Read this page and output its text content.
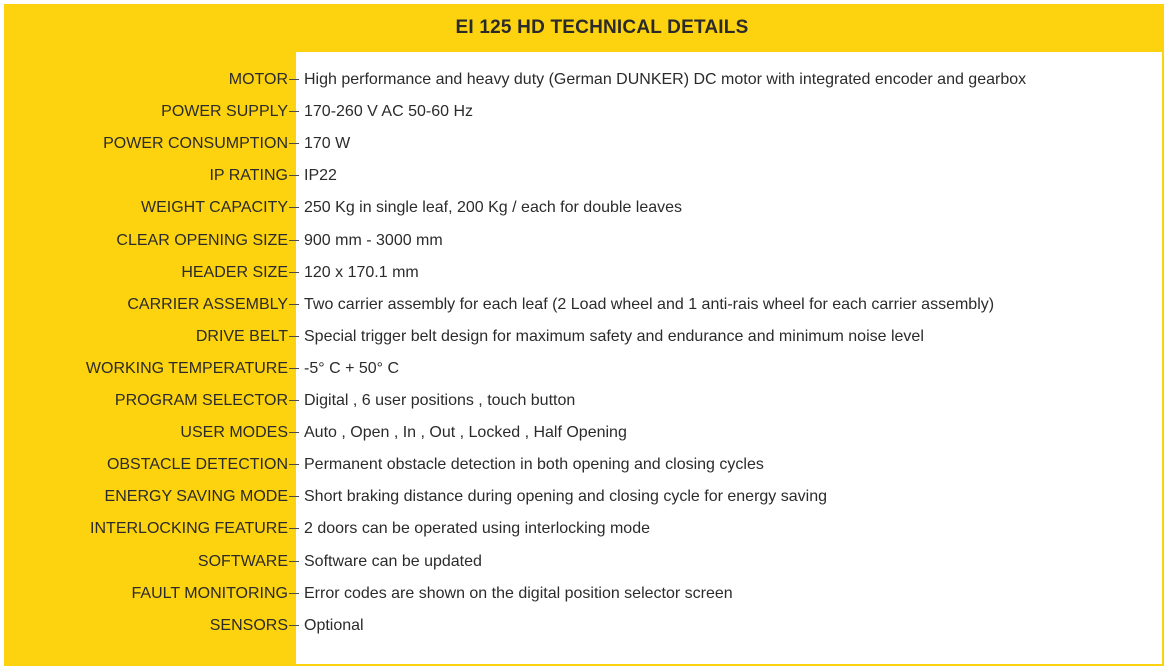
EI 125 HD TECHNICAL DETAILS
MOTOR High performance and heavy duty (German DUNKER) DC motor with integrated encoder and gearbox
POWER SUPPLY 170-260 V AC 50-60 Hz
POWER CONSUMPTION 170 W
IP RATING IP22
WEIGHT CAPACITY 250 Kg in single leaf, 200 Kg / each for double leaves
CLEAR OPENING SIZE 900 mm - 3000 mm
HEADER SIZE 120 x 170.1 mm
CARRIER ASSEMBLY Two carrier assembly for each leaf (2 Load wheel and 1 anti-rais wheel for each carrier assembly)
DRIVE BELT Special trigger belt design for maximum safety and endurance and minimum noise level
WORKING TEMPERATURE -5° C + 50° C
PROGRAM SELECTOR Digital , 6 user positions , touch button
USER MODES Auto , Open , In , Out , Locked , Half Opening
OBSTACLE DETECTION Permanent obstacle detection in both opening and closing cycles
ENERGY SAVING MODE Short braking distance during opening and closing cycle for energy saving
INTERLOCKING FEATURE 2 doors can be operated using interlocking mode
SOFTWARE Software can be updated
FAULT MONITORING Error codes are shown on the digital position selector screen
SENSORS Optional
